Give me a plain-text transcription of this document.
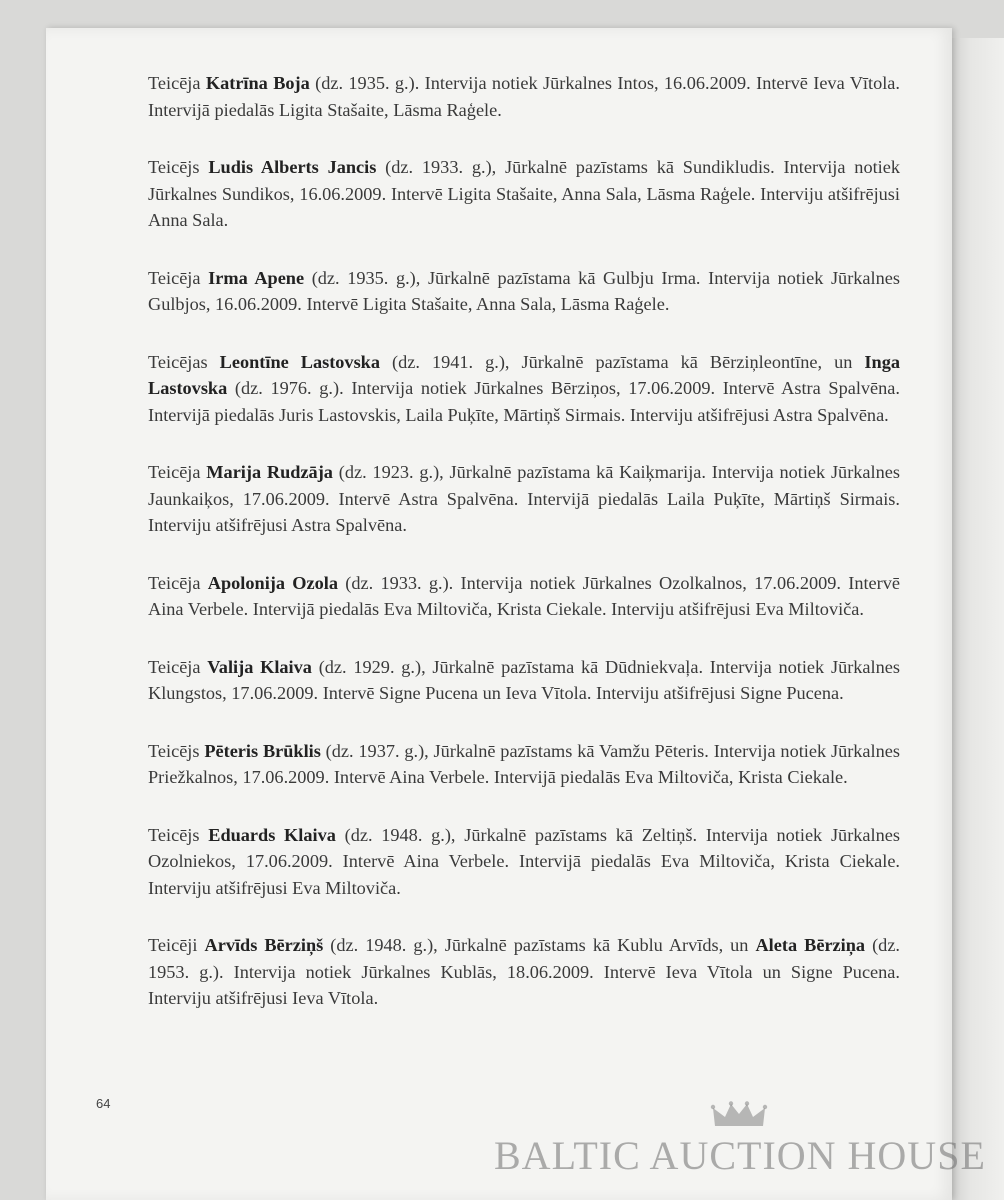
Teicēja Katrīna Boja (dz. 1935. g.). Intervija notiek Jūrkalnes Intos, 16.06.2009. Intervē Ieva Vītola. Intervijā piedalās Ligita Stašaite, Lāsma Raģele.

Teicējs Ludis Alberts Jancis (dz. 1933. g.), Jūrkalnē pazīstams kā Sundikludis. Intervija notiek Jūrkalnes Sundikos, 16.06.2009. Intervē Ligita Stašaite, Anna Sala, Lāsma Raģele. Interviju atšifrējusi Anna Sala.

Teicēja Irma Apene (dz. 1935. g.), Jūrkalnē pazīstama kā Gulbju Irma. Intervija notiek Jūrkalnes Gulbjos, 16.06.2009. Intervē Ligita Stašaite, Anna Sala, Lāsma Raģele.

Teicējas Leontīne Lastovska (dz. 1941. g.), Jūrkalnē pazīstama kā Bērziņleontīne, un Inga Lastovska (dz. 1976. g.). Intervija notiek Jūrkalnes Bērziņos, 17.06.2009. Intervē Astra Spalvēna. Intervijā piedalās Juris Lastovskis, Laila Puķīte, Mārtiņš Sirmais. Interviju atšifrējusi Astra Spalvēna.

Teicēja Marija Rudzāja (dz. 1923. g.), Jūrkalnē pazīstama kā Kaiķmarija. Intervija notiek Jūrkalnes Jaunkaiķos, 17.06.2009. Intervē Astra Spalvēna. Intervijā piedalās Laila Puķīte, Mārtiņš Sirmais. Interviju atšifrējusi Astra Spalvēna.

Teicēja Apolonija Ozola (dz. 1933. g.). Intervija notiek Jūrkalnes Ozolkalnos, 17.06.2009. Intervē Aina Verbele. Intervijā piedalās Eva Miltoviča, Krista Ciekale. Interviju atšifrējusi Eva Miltoviča.

Teicēja Valija Klaiva (dz. 1929. g.), Jūrkalnē pazīstama kā Dūdniekvaļa. Intervija notiek Jūrkalnes Klungstos, 17.06.2009. Intervē Signe Pucena un Ieva Vītola. Interviju atšifrējusi Signe Pucena.

Teicējs Pēteris Brūklis (dz. 1937. g.), Jūrkalnē pazīstams kā Vamžu Pēteris. Intervija notiek Jūrkalnes Priežkalnos, 17.06.2009. Intervē Aina Verbele. Intervijā piedalās Eva Miltoviča, Krista Ciekale.

Teicējs Eduards Klaiva (dz. 1948. g.), Jūrkalnē pazīstams kā Zeltiņš. Intervija notiek Jūrkalnes Ozolniekos, 17.06.2009. Intervē Aina Verbele. Intervijā piedalās Eva Miltoviča, Krista Ciekale. Interviju atšifrējusi Eva Miltoviča.

Teicēji Arvīds Bērziņš (dz. 1948. g.), Jūrkalnē pazīstams kā Kublu Arvīds, un Aleta Bērziņa (dz. 1953. g.). Intervija notiek Jūrkalnes Kublās, 18.06.2009. Intervē Ieva Vītola un Signe Pucena. Interviju atšifrējusi Ieva Vītola.

64
BALTIC AUCTION HOUSE
